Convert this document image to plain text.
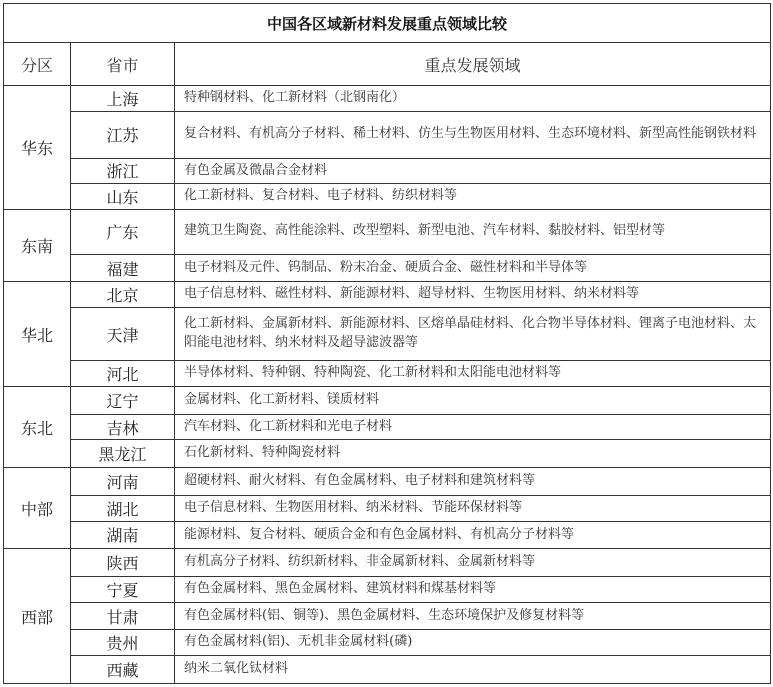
中国各区域新材料发展重点领域比较		
分区	省市	重点发展领域
华东	上海	特种钢材料、化工新材料（北钢南化）
	江苏	复合材料、有机高分子材料、稀土材料、仿生与生物医用材料、生态环境材料、新型高性能钢铁材料
	浙江	有色金属及微晶合金材料
	山东	化工新材料、复合材料、电子材料、纺织材料等
东南	广东	建筑卫生陶瓷、高性能涂料、改型塑料、新型电池、汽车材料、黏胶材料、铝型材等
	福建	电子材料及元件、钨制品、粉末冶金、硬质合金、磁性材料和半导体等
华北	北京	电子信息材料、磁性材料、新能源材料、超导材料、生物医用材料、纳米材料等
	天津	化工新材料、金属新材料、新能源材料、区熔单晶硅材料、化合物半导体材料、锂离子电池材料、太阳能电池材料、纳米材料及超导滤波器等
	河北	半导体材料、特种钢、特种陶瓷、化工新材料和太阳能电池材料等
东北	辽宁	金属材料、化工新材料、镁质材料
	吉林	汽车材料、化工新材料和光电子材料
	黑龙江	石化新材料、特种陶瓷材料
中部	河南	超硬材料、耐火材料、有色金属材料、电子材料和建筑材料等
	湖北	电子信息材料、生物医用材料、纳米材料、节能环保材料等
	湖南	能源材料、复合材料、硬质合金和有色金属材料、有机高分子材料等
西部	陕西	有机高分子材料、纺织新材料、非金属新材料、金属新材料等
	宁夏	有色金属材料、黑色金属材料、建筑材料和煤基材料等
	甘肃	有色金属材料(铝、铜等)、黑色金属材料、生态环境保护及修复材料等
	贵州	有色金属材料(铝)、无机非金属材料(磷)
	西藏	纳米二氧化钛材料
